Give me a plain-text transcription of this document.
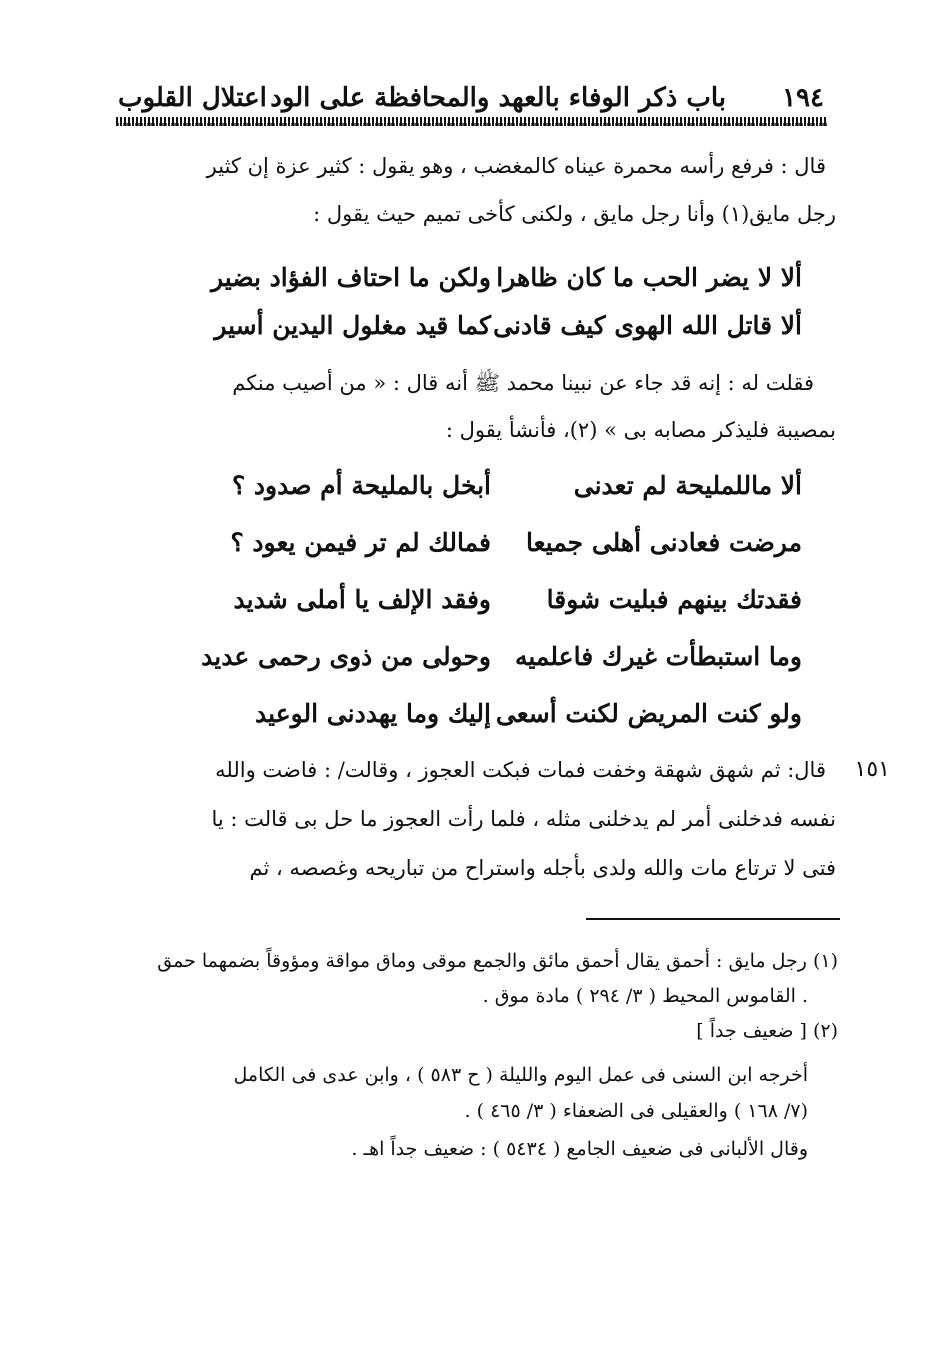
١٩٤
باب ذكر الوفاء بالعهد والمحافظة على الود
اعتلال القلوب
قال : فرفع رأسه محمرة عيناه كالمغضب ، وهو يقول : كثير عزة إن كثير
رجل مايق(١) وأنا رجل مايق ، ولكنى كأخى تميم حيث يقول :
ألا لا يضر الحب ما كان ظاهرا
ولكن ما احتاف الفؤاد بضير
ألا قاتل الله الهوى كيف قادنى
كما قيد مغلول اليدين أسير
فقلت له : إنه قد جاء عن نبينا محمد ﷺ أنه قال : « من أصيب منكم
بمصيبة فليذكر مصابه بى » (٢)، فأنشأ يقول :
ألا ماللمليحة لم تعدنى
أبخل بالمليحة أم صدود ؟
مرضت فعادنى أهلى جميعا
فمالك لم تر فيمن يعود ؟
فقدتك بينهم فبليت شوقا
وفقد الإلف يا أملى شديد
وما استبطأت غيرك فاعلميه
وحولى من ذوى رحمى عديد
ولو كنت المريض لكنت أسعى
إليك وما يهددنى الوعيد
١٥١
قال: ثم شهق شهقة وخفت فمات فبكت العجوز ، وقالت/ : فاضت والله
نفسه فدخلنى أمر لم يدخلنى مثله ، فلما رأت العجوز ما حل بى قالت : يا
فتى لا ترتاع مات والله ولدى بأجله واستراح من تباريحه وغصصه ، ثم
(١) رجل مايق : أحمق يقال أحمق مائق والجمع موقى وماق مواقة ومؤوقاً بضمهما حمق
. القاموس المحيط ( ٣/ ٢٩٤ ) مادة موق .
(٢) [ ضعيف جداً ]
أخرجه ابن السنى فى عمل اليوم والليلة ( ح ٥٨٣ ) ، وابن عدى فى الكامل
(٧/ ١٦٨ ) والعقيلى فى الضعفاء ( ٣/ ٤٦٥ ) .
وقال الألبانى فى ضعيف الجامع ( ٥٤٣٤ ) : ضعيف جداً اهـ .
